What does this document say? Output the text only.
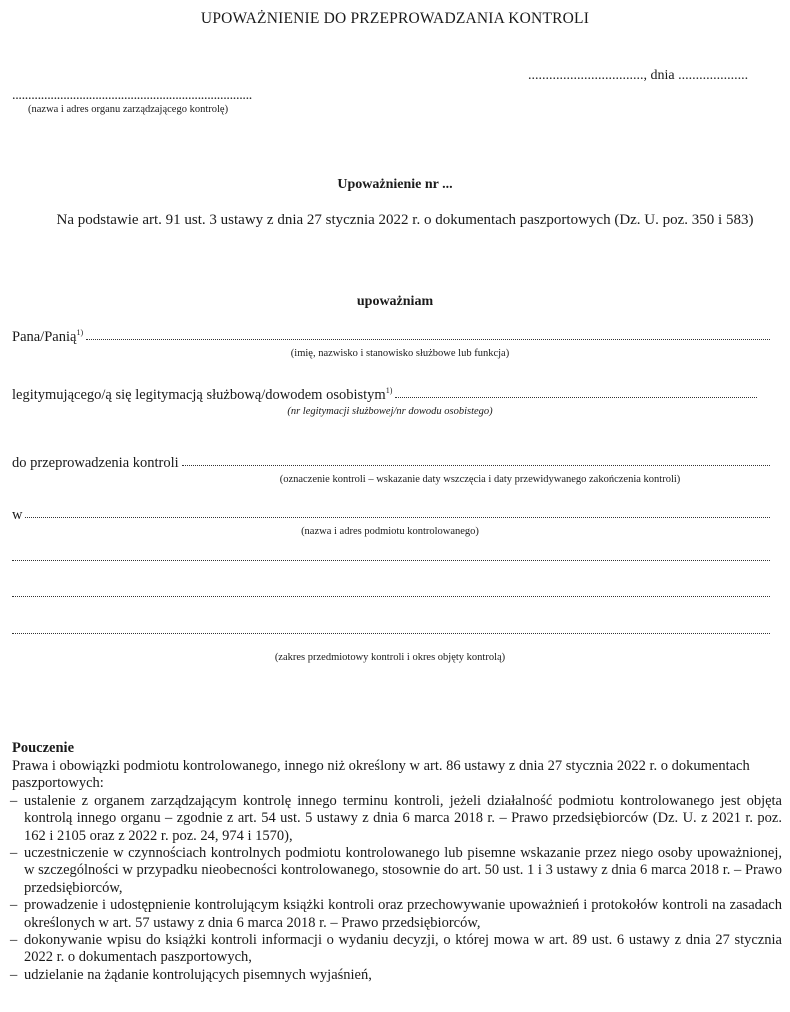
UPOWAŻNIENIE DO PRZEPROWADZANIA KONTROLI
................................., dnia ....................
...........................................................................
(nazwa i adres organu zarządzającego kontrolę)
Upoważnienie nr ...
Na podstawie art. 91 ust. 3 ustawy z dnia 27 stycznia 2022 r. o dokumentach paszportowych (Dz. U. poz. 350 i 583)
upoważniam
Pana/Panią$^{1)}$
(imię, nazwisko i stanowisko służbowe lub funkcja)
legitymującego/ą się legitymacją służbową/dowodem osobistym$^{1)}$
(nr legitymacji służbowej/nr dowodu osobistego)
do przeprowadzenia kontroli
(oznaczenie kontroli – wskazanie daty wszczęcia i daty przewidywanego zakończenia kontroli)
w
(nazwa i adres podmiotu kontrolowanego)
(zakres przedmiotowy kontroli i okres objęty kontrolą)
Pouczenie

Prawa i obowiązki podmiotu kontrolowanego, innego niż określony w art. 86 ustawy z dnia 27 stycznia 2022 r. o dokumentach paszportowych:

– ustalenie z organem zarządzającym kontrolę innego terminu kontroli, jeżeli działalność podmiotu kontrolowanego jest objęta kontrolą innego organu – zgodnie z art. 54 ust. 5 ustawy z dnia 6 marca 2018 r. – Prawo przedsiębiorców (Dz. U. z 2021 r. poz. 162 i 2105 oraz z 2022 r. poz. 24, 974 i 1570),
– uczestniczenie w czynnościach kontrolnych podmiotu kontrolowanego lub pisemne wskazanie przez niego osoby upoważnionej, w szczególności w przypadku nieobecności kontrolowanego, stosownie do art. 50 ust. 1 i 3 ustawy z dnia 6 marca 2018 r. – Prawo przedsiębiorców,
– prowadzenie i udostępnienie kontrolującym książki kontroli oraz przechowywanie upoważnień i protokołów kontroli na zasadach określonych w art. 57 ustawy z dnia 6 marca 2018 r. – Prawo przedsiębiorców,
– dokonywanie wpisu do książki kontroli informacji o wydaniu decyzji, o której mowa w art. 89 ust. 6 ustawy z dnia 27 stycznia 2022 r. o dokumentach paszportowych,
– udzielanie na żądanie kontrolujących pisemnych wyjaśnień,
